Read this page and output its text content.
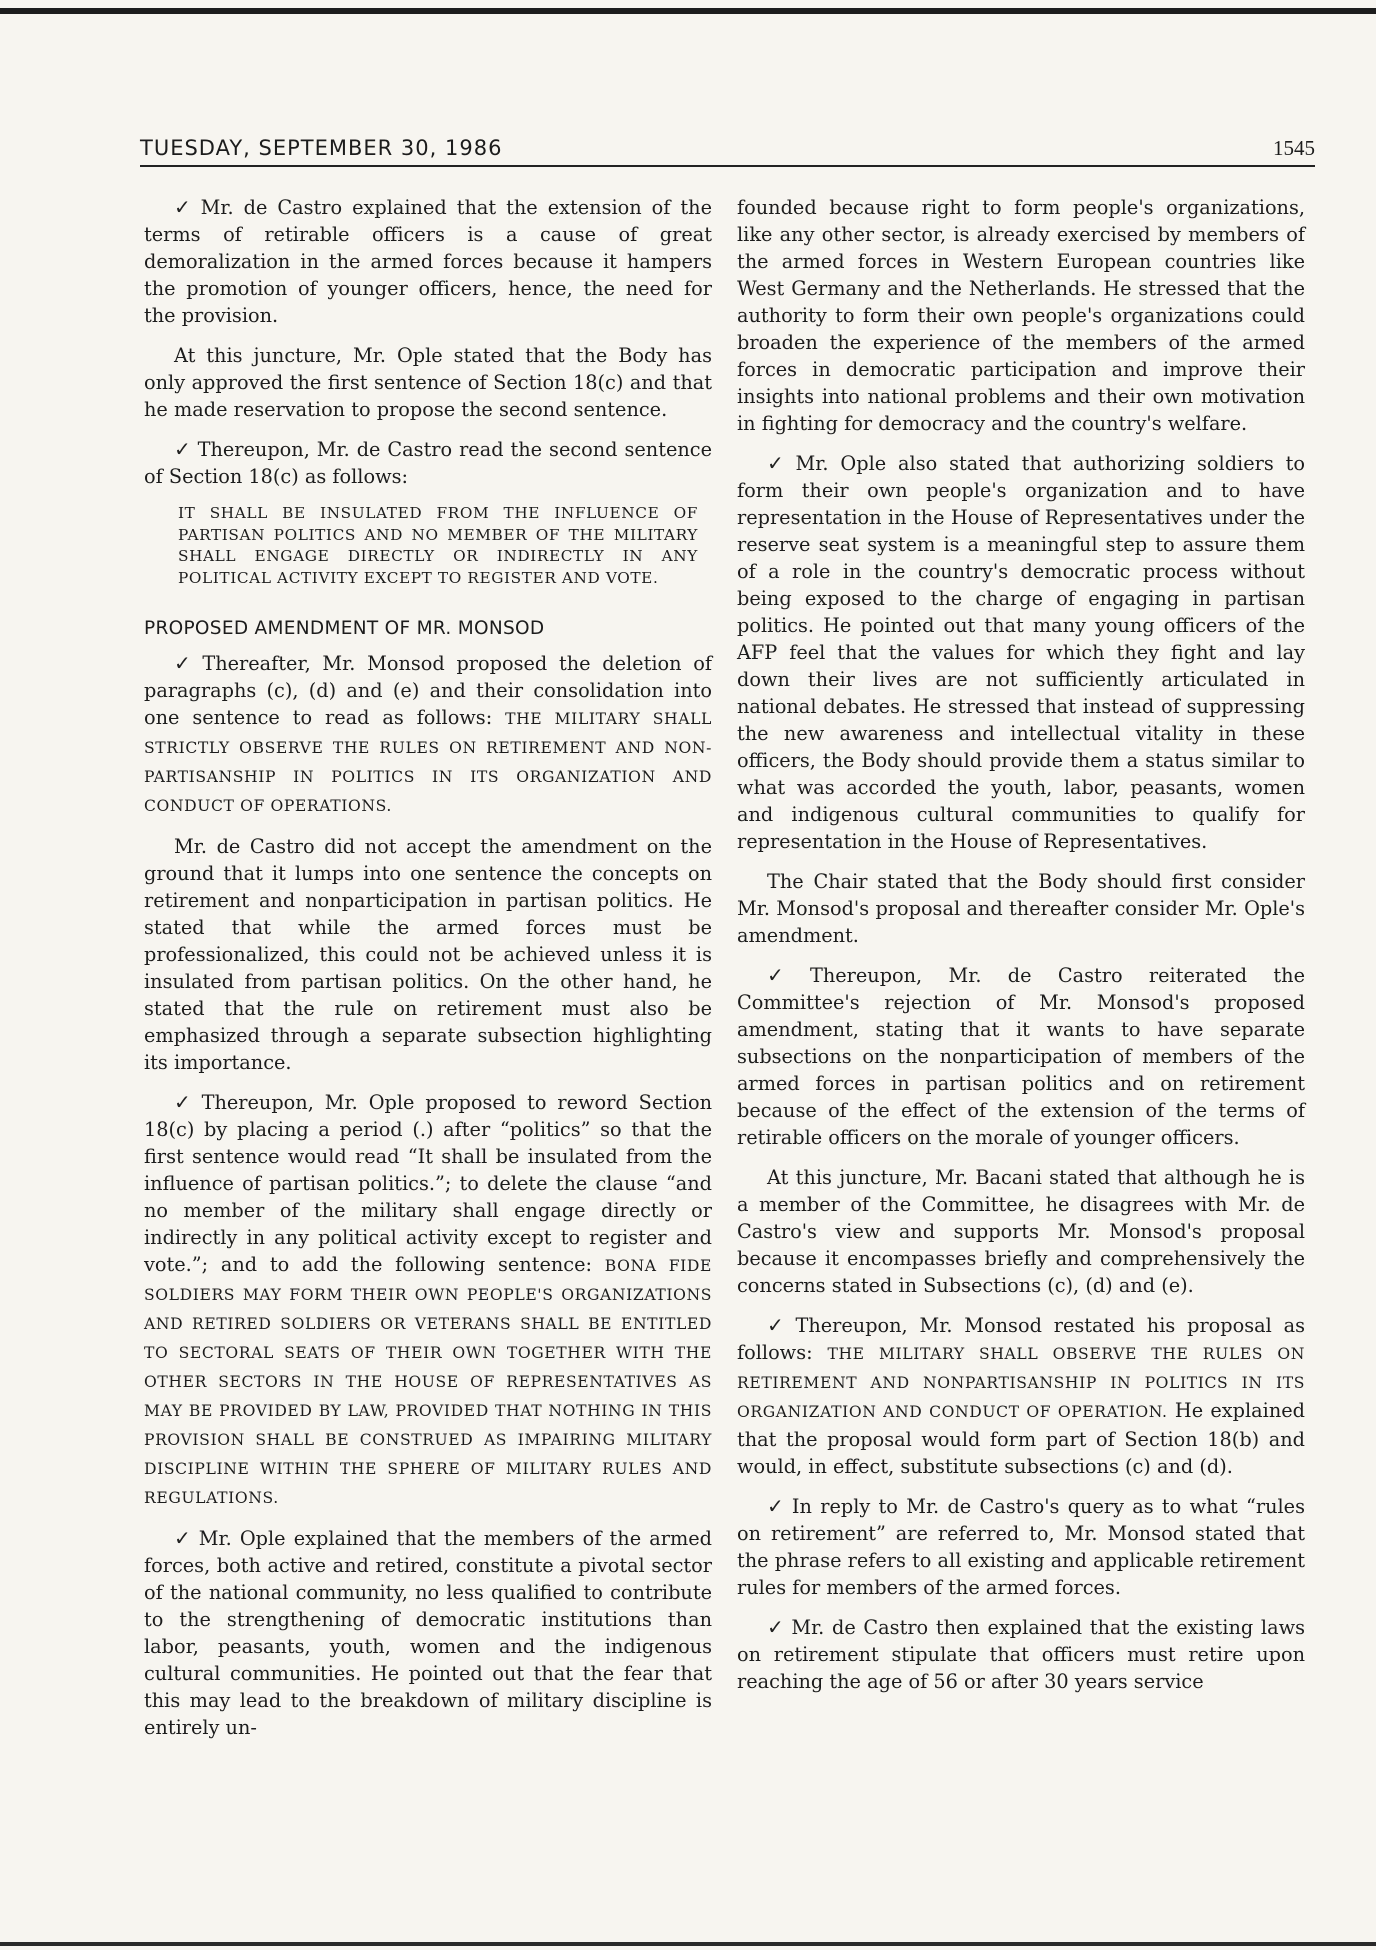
TUESDAY, SEPTEMBER 30, 1986	1545

✓ Mr. de Castro explained that the extension of the terms of retirable officers is a cause of great demoralization in the armed forces because it hampers the promotion of younger officers, hence, the need for the provision.

At this juncture, Mr. Ople stated that the Body has only approved the first sentence of Section 18(c) and that he made reservation to propose the second sentence.

✓ Thereupon, Mr. de Castro read the second sentence of Section 18(c) as follows:

IT SHALL BE INSULATED FROM THE INFLUENCE OF PARTISAN POLITICS AND NO MEMBER OF THE MILITARY SHALL ENGAGE DIRECTLY OR INDIRECTLY IN ANY POLITICAL ACTIVITY EXCEPT TO REGISTER AND VOTE.
PROPOSED AMENDMENT OF MR. MONSOD

✓ Thereafter, Mr. Monsod proposed the deletion of paragraphs (c), (d) and (e) and their consolidation into one sentence to read as follows: THE MILITARY SHALL STRICTLY OBSERVE THE RULES ON RETIREMENT AND NON-PARTISANSHIP IN POLITICS IN ITS ORGANIZATION AND CONDUCT OF OPERATIONS.

Mr. de Castro did not accept the amendment on the ground that it lumps into one sentence the concepts on retirement and nonparticipation in partisan politics. He stated that while the armed forces must be professionalized, this could not be achieved unless it is insulated from partisan politics. On the other hand, he stated that the rule on retirement must also be emphasized through a separate subsection highlighting its importance.

✓ Thereupon, Mr. Ople proposed to reword Section 18(c) by placing a period (.) after “politics” so that the first sentence would read “It shall be insulated from the influence of partisan politics.”; to delete the clause “and no member of the military shall engage directly or indirectly in any political activity except to register and vote.”; and to add the following sentence: BONA FIDE SOLDIERS MAY FORM THEIR OWN PEOPLE'S ORGANIZATIONS AND RETIRED SOLDIERS OR VETERANS SHALL BE ENTITLED TO SECTORAL SEATS OF THEIR OWN TOGETHER WITH THE OTHER SECTORS IN THE HOUSE OF REPRESENTATIVES AS MAY BE PROVIDED BY LAW, PROVIDED THAT NOTHING IN THIS PROVISION SHALL BE CONSTRUED AS IMPAIRING MILITARY DISCIPLINE WITHIN THE SPHERE OF MILITARY RULES AND REGULATIONS.

✓ Mr. Ople explained that the members of the armed forces, both active and retired, constitute a pivotal sector of the national community, no less qualified to contribute to the strengthening of democratic institutions than labor, peasants, youth, women and the indigenous cultural communities. He pointed out that the fear that this may lead to the breakdown of military discipline is entirely un-

founded because right to form people's organizations, like any other sector, is already exercised by members of the armed forces in Western European countries like West Germany and the Netherlands. He stressed that the authority to form their own people's organizations could broaden the experience of the members of the armed forces in democratic participation and improve their insights into national problems and their own motivation in fighting for democracy and the country's welfare.

✓ Mr. Ople also stated that authorizing soldiers to form their own people's organization and to have representation in the House of Representatives under the reserve seat system is a meaningful step to assure them of a role in the country's democratic process without being exposed to the charge of engaging in partisan politics. He pointed out that many young officers of the AFP feel that the values for which they fight and lay down their lives are not sufficiently articulated in national debates. He stressed that instead of suppressing the new awareness and intellectual vitality in these officers, the Body should provide them a status similar to what was accorded the youth, labor, peasants, women and indigenous cultural communities to qualify for representation in the House of Representatives.

The Chair stated that the Body should first consider Mr. Monsod's proposal and thereafter consider Mr. Ople's amendment.

✓ Thereupon, Mr. de Castro reiterated the Committee's rejection of Mr. Monsod's proposed amendment, stating that it wants to have separate subsections on the nonparticipation of members of the armed forces in partisan politics and on retirement because of the effect of the extension of the terms of retirable officers on the morale of younger officers.

At this juncture, Mr. Bacani stated that although he is a member of the Committee, he disagrees with Mr. de Castro's view and supports Mr. Monsod's proposal because it encompasses briefly and comprehensively the concerns stated in Subsections (c), (d) and (e).

✓ Thereupon, Mr. Monsod restated his proposal as follows: THE MILITARY SHALL OBSERVE THE RULES ON RETIREMENT AND NONPARTISANSHIP IN POLITICS IN ITS ORGANIZATION AND CONDUCT OF OPERATION. He explained that the proposal would form part of Section 18(b) and would, in effect, substitute subsections (c) and (d).

✓ In reply to Mr. de Castro's query as to what “rules on retirement” are referred to, Mr. Monsod stated that the phrase refers to all existing and applicable retirement rules for members of the armed forces.

✓ Mr. de Castro then explained that the existing laws on retirement stipulate that officers must retire upon reaching the age of 56 or after 30 years service
